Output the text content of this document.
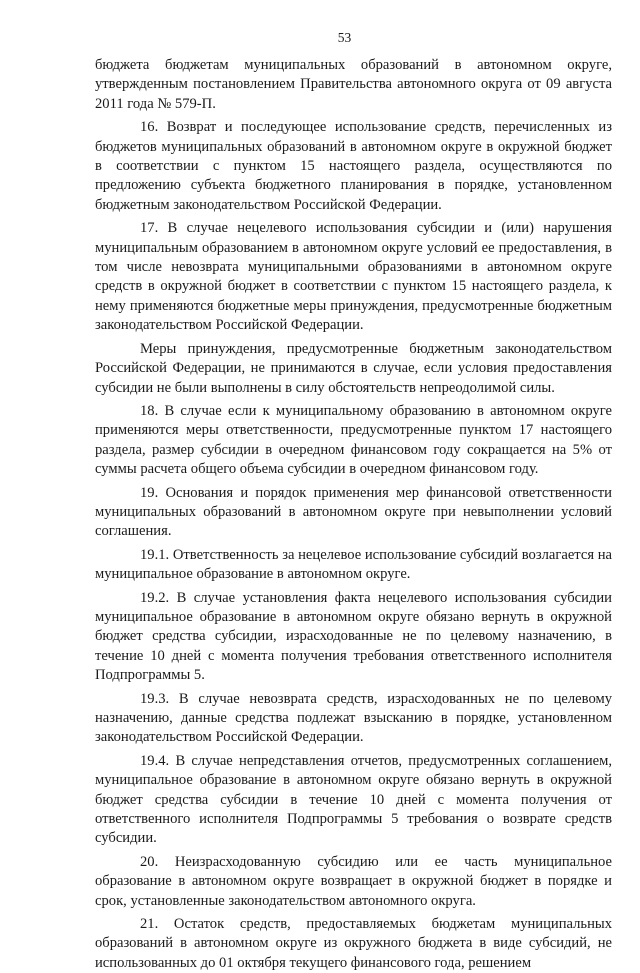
53

бюджета бюджетам муниципальных образований в автономном округе, утвержденным постановлением Правительства автономного округа от 09 августа 2011 года № 579-П.

16. Возврат и последующее использование средств, перечисленных из бюджетов муниципальных образований в автономном округе в окружной бюджет в соответствии с пунктом 15 настоящего раздела, осуществляются по предложению субъекта бюджетного планирования в порядке, установленном бюджетным законодательством Российской Федерации.

17. В случае нецелевого использования субсидии и (или) нарушения муниципальным образованием в автономном округе условий ее предоставления, в том числе невозврата муниципальными образованиями в автономном округе средств в окружной бюджет в соответствии с пунктом 15 настоящего раздела, к нему применяются бюджетные меры принуждения, предусмотренные бюджетным законодательством Российской Федерации.

Меры принуждения, предусмотренные бюджетным законодательством Российской Федерации, не принимаются в случае, если условия предоставления субсидии не были выполнены в силу обстоятельств непреодолимой силы.

18. В случае если к муниципальному образованию в автономном округе применяются меры ответственности, предусмотренные пунктом 17 настоящего раздела, размер субсидии в очередном финансовом году сокращается на 5% от суммы расчета общего объема субсидии в очередном финансовом году.

19. Основания и порядок применения мер финансовой ответственности муниципальных образований в автономном округе при невыполнении условий соглашения.

19.1. Ответственность за нецелевое использование субсидий возлагается на муниципальное образование в автономном округе.

19.2. В случае установления факта нецелевого использования субсидии муниципальное образование в автономном округе обязано вернуть в окружной бюджет средства субсидии, израсходованные не по целевому назначению, в течение 10 дней с момента получения требования ответственного исполнителя Подпрограммы 5.

19.3. В случае невозврата средств, израсходованных не по целевому назначению, данные средства подлежат взысканию в порядке, установленном законодательством Российской Федерации.

19.4. В случае непредставления отчетов, предусмотренных соглашением, муниципальное образование в автономном округе обязано вернуть в окружной бюджет средства субсидии в течение 10 дней с момента получения от ответственного исполнителя Подпрограммы 5 требования о возврате средств субсидии.

20. Неизрасходованную субсидию или ее часть муниципальное образование в автономном округе возвращает в окружной бюджет в порядке и срок, установленные законодательством автономного округа.

21. Остаток средств, предоставляемых бюджетам муниципальных образований в автономном округе из окружного бюджета в виде субсидий, не использованных до 01 октября текущего финансового года, решением
